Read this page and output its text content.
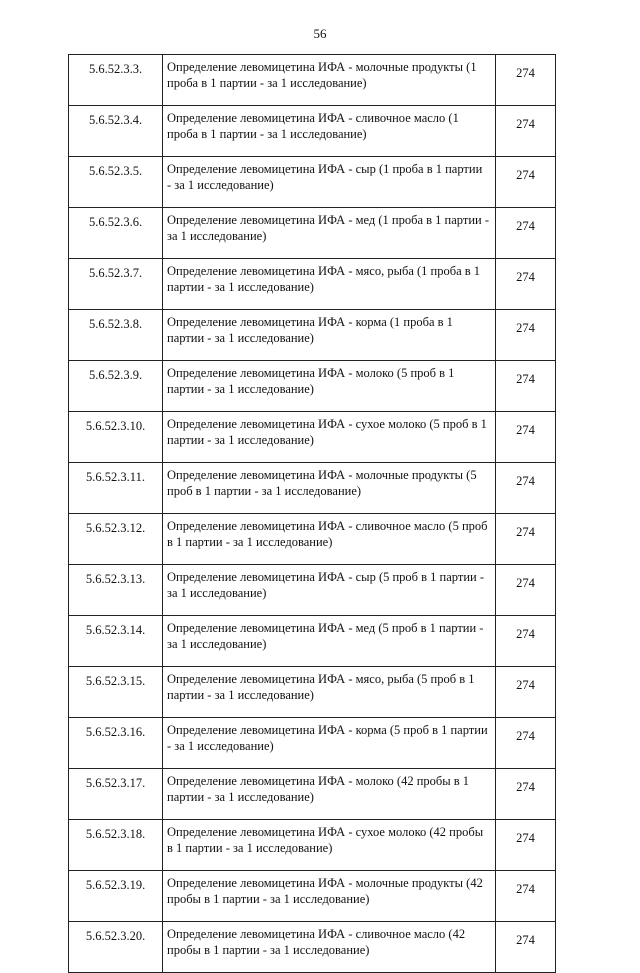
56
5.6.52.3.3.	Определение левомицетина ИФА - молочные продукты (1 проба в 1 партии - за 1 исследование)	274
5.6.52.3.4.	Определение левомицетина ИФА - сливочное масло (1 проба в 1 партии - за 1 исследование)	274
5.6.52.3.5.	Определение левомицетина ИФА - сыр (1 проба в 1 партии - за 1 исследование)	274
5.6.52.3.6.	Определение левомицетина ИФА - мед (1 проба в 1 партии - за 1 исследование)	274
5.6.52.3.7.	Определение левомицетина ИФА - мясо, рыба (1 проба в 1 партии - за 1 исследование)	274
5.6.52.3.8.	Определение левомицетина ИФА - корма (1 проба в 1 партии - за 1 исследование)	274
5.6.52.3.9.	Определение левомицетина ИФА - молоко (5 проб в 1 партии - за 1 исследование)	274
5.6.52.3.10.	Определение левомицетина ИФА - сухое молоко (5 проб в 1 партии - за 1 исследование)	274
5.6.52.3.11.	Определение левомицетина ИФА - молочные продукты (5 проб в 1 партии - за 1 исследование)	274
5.6.52.3.12.	Определение левомицетина ИФА - сливочное масло (5 проб в 1 партии - за 1 исследование)	274
5.6.52.3.13.	Определение левомицетина ИФА - сыр (5 проб в 1 партии - за 1 исследование)	274
5.6.52.3.14.	Определение левомицетина ИФА - мед (5 проб в 1 партии - за 1 исследование)	274
5.6.52.3.15.	Определение левомицетина ИФА - мясо, рыба (5 проб в 1 партии - за 1 исследование)	274
5.6.52.3.16.	Определение левомицетина ИФА - корма (5 проб в 1 партии - за 1 исследование)	274
5.6.52.3.17.	Определение левомицетина ИФА - молоко (42 пробы в 1 партии - за 1 исследование)	274
5.6.52.3.18.	Определение левомицетина ИФА - сухое молоко (42 пробы в 1 партии - за 1 исследование)	274
5.6.52.3.19.	Определение левомицетина ИФА - молочные продукты (42 пробы в 1 партии - за 1 исследование)	274
5.6.52.3.20.	Определение левомицетина ИФА - сливочное масло (42 пробы в 1 партии - за 1 исследование)	274
